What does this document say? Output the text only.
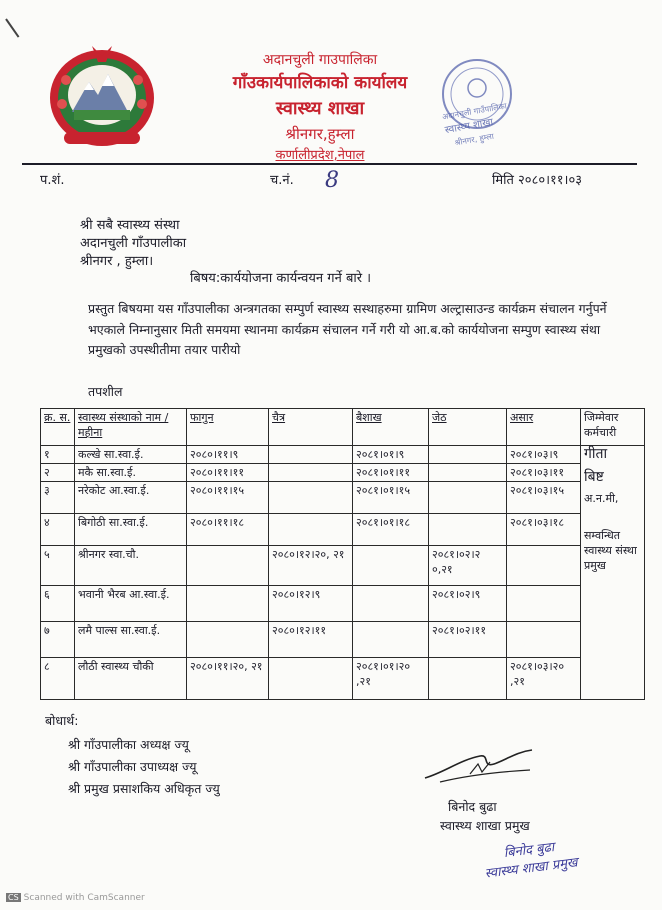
अदानचुली गाउपालिका
गाँउकार्यपालिकाको कार्यालय
स्वास्थ्य शाखा
श्रीनगर,हुम्ला
कर्णालीप्रदेश,नेपाल
अदानचुली गाउँपालिका
स्वास्थ्य शाखा
श्रीनगर, हुम्ला
प.शं.	च.नं. 8	मिति २०८०।११।०३
श्री सबै स्वास्थ्य संस्था
अदानचुली गाँउपालीका
श्रीनगर , हुम्ला।
बिषय:कार्ययोजना कार्यन्वयन गर्ने बारे ।
प्रस्तुत बिषयमा यस गाँउपालीका अन्त्रगतका सम्पुर्ण स्वास्थ्य सस्थाहरुमा ग्रामिण अल्ट्रासाउन्ड कार्यक्रम संचालन गर्नुपर्ने भएकाले निम्नानुसार मिती समयमा स्थानमा कार्यक्रम संचालन गर्ने गरी यो आ.ब.को कार्ययोजना सम्पुण स्वास्थ्य संथा प्रमुखको उपस्थीतीमा तयार पारीयो
तपशील
क्र. स.	स्वास्थ्य संस्थाको नाम / महीना	फागुन	चैत्र	बैशाख	जेठ	असार	जिम्मेवार कर्मचारी
१	कल्खे सा.स्वा.ई.	२०८०।११।९		२०८१।०१।९		२०८१।०३।९	गीता
बिष्ट
अ.न.मी,
सम्वन्धित स्वास्थ्य संस्था प्रमुख

२	मकै सा.स्वा.ई.	२०८०।११।११		२०८१।०१।११		२०८१।०३।११	
३	नरेकोट आ.स्वा.ई.	२०८०।११।१५		२०८१।०१।१५		२०८१।०३।१५	
४	बिगोठी सा.स्वा.ई.	२०८०।११।१८		२०८१।०१।१८		२०८१।०३।१८	
५	श्रीनगर स्वा.चौ.		२०८०।१२।२०, २१		२०८१।०२।२ ०,२१		
६	भवानी भैरब आ.स्वा.ई.		२०८०।१२।९		२०८१।०२।९		
७	लमै पाल्स सा.स्वा.ई.		२०८०।१२।११		२०८१।०२।११		
८	लौठी स्वास्थ्य चौकी	२०८०।११।२०, २१		२०८१।०१।२० ,२१		२०८१।०३।२० ,२१	
बोधार्थ:
श्री गाँउपालीका अध्यक्ष ज्यू
श्री गाँउपालीका उपाध्यक्ष ज्यू
श्री प्रमुख प्रसाशकिय अधिकृत ज्यु
बिनोद बुढा
स्वास्थ्य शाखा प्रमुख
बिनोद बुढा
स्वास्थ्य शाखा प्रमुख
CS Scanned with CamScanner
